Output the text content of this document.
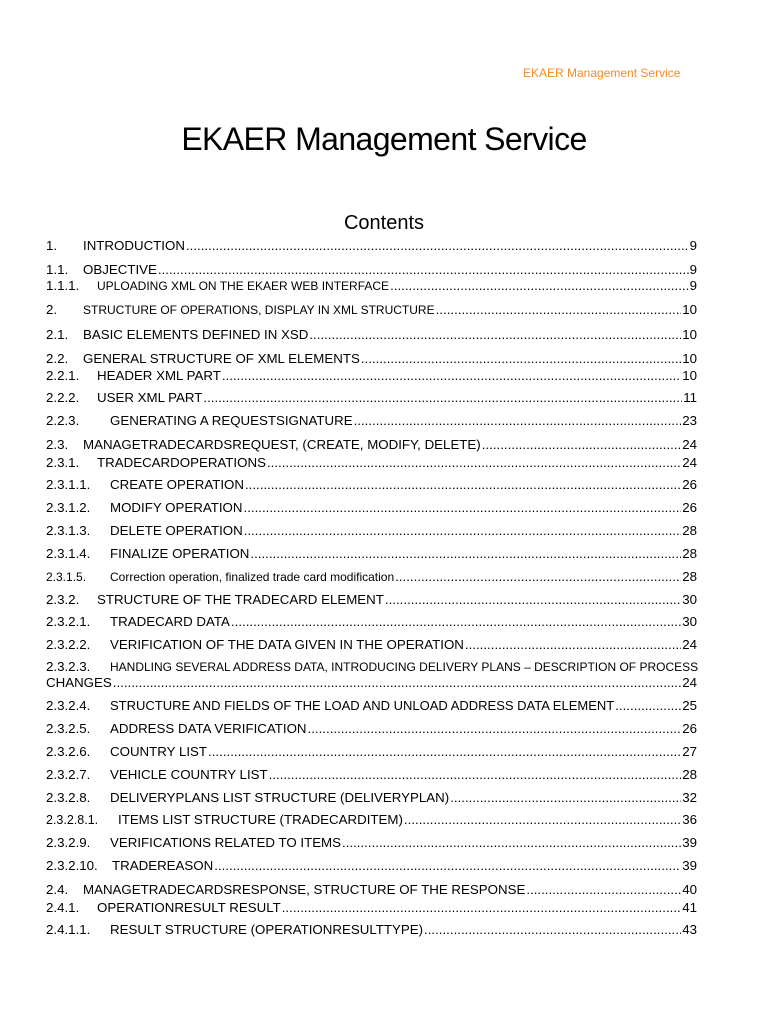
EKAER Management Service
EKAER Management Service
Contents
1.	INTRODUCTION .....	9
1.1.	OBJECTIVE .....	9
1.1.1.	UPLOADING XML ON THE EKAER WEB INTERFACE .....	9
2.	STRUCTURE OF OPERATIONS, DISPLAY IN XML STRUCTURE .....	10
2.1.	BASIC ELEMENTS DEFINED IN XSD .....	10
2.2.	GENERAL STRUCTURE OF XML ELEMENTS .....	10
2.2.1.	HEADER XML PART .....	10
2.2.2.	USER XML PART .....	11
2.2.3.	GENERATING A REQUESTSIGNATURE .....	23
2.3.	MANAGETRADECARDSREQUEST, (CREATE, MODIFY, DELETE) .....	24
2.3.1.	TRADECARDOPERATIONS .....	24
2.3.1.1.	CREATE OPERATION .....	26
2.3.1.2.	MODIFY OPERATION .....	26
2.3.1.3.	DELETE OPERATION .....	28
2.3.1.4.	FINALIZE OPERATION .....	28
2.3.1.5.	Correction operation, finalized trade card modification .....	28
2.3.2.	STRUCTURE OF THE TRADECARD ELEMENT .....	30
2.3.2.1.	TRADECARD DATA .....	30
2.3.2.2.	VERIFICATION OF THE DATA GIVEN IN THE OPERATION .....	24
2.3.2.3.	HANDLING SEVERAL ADDRESS DATA, INTRODUCING DELIVERY PLANS – DESCRIPTION OF PROCESS
CHANGES .....	24
2.3.2.4.	STRUCTURE AND FIELDS OF THE LOAD AND UNLOAD ADDRESS DATA ELEMENT .....	25
2.3.2.5.	ADDRESS DATA VERIFICATION .....	26
2.3.2.6.	COUNTRY LIST .....	27
2.3.2.7.	VEHICLE COUNTRY LIST .....	28
2.3.2.8.	DELIVERYPLANS LIST STRUCTURE (DELIVERYPLAN) .....	32
2.3.2.8.1.	ITEMS LIST STRUCTURE (TRADECARDITEM) .....	36
2.3.2.9.	VERIFICATIONS RELATED TO ITEMS .....	39
2.3.2.10.	TRADEREASON .....	39
2.4.	MANAGETRADECARDSRESPONSE, STRUCTURE OF THE RESPONSE .....	40
2.4.1.	OPERATIONRESULT RESULT .....	41
2.4.1.1.	RESULT STRUCTURE (OPERATIONRESULTTYPE) .....	43
